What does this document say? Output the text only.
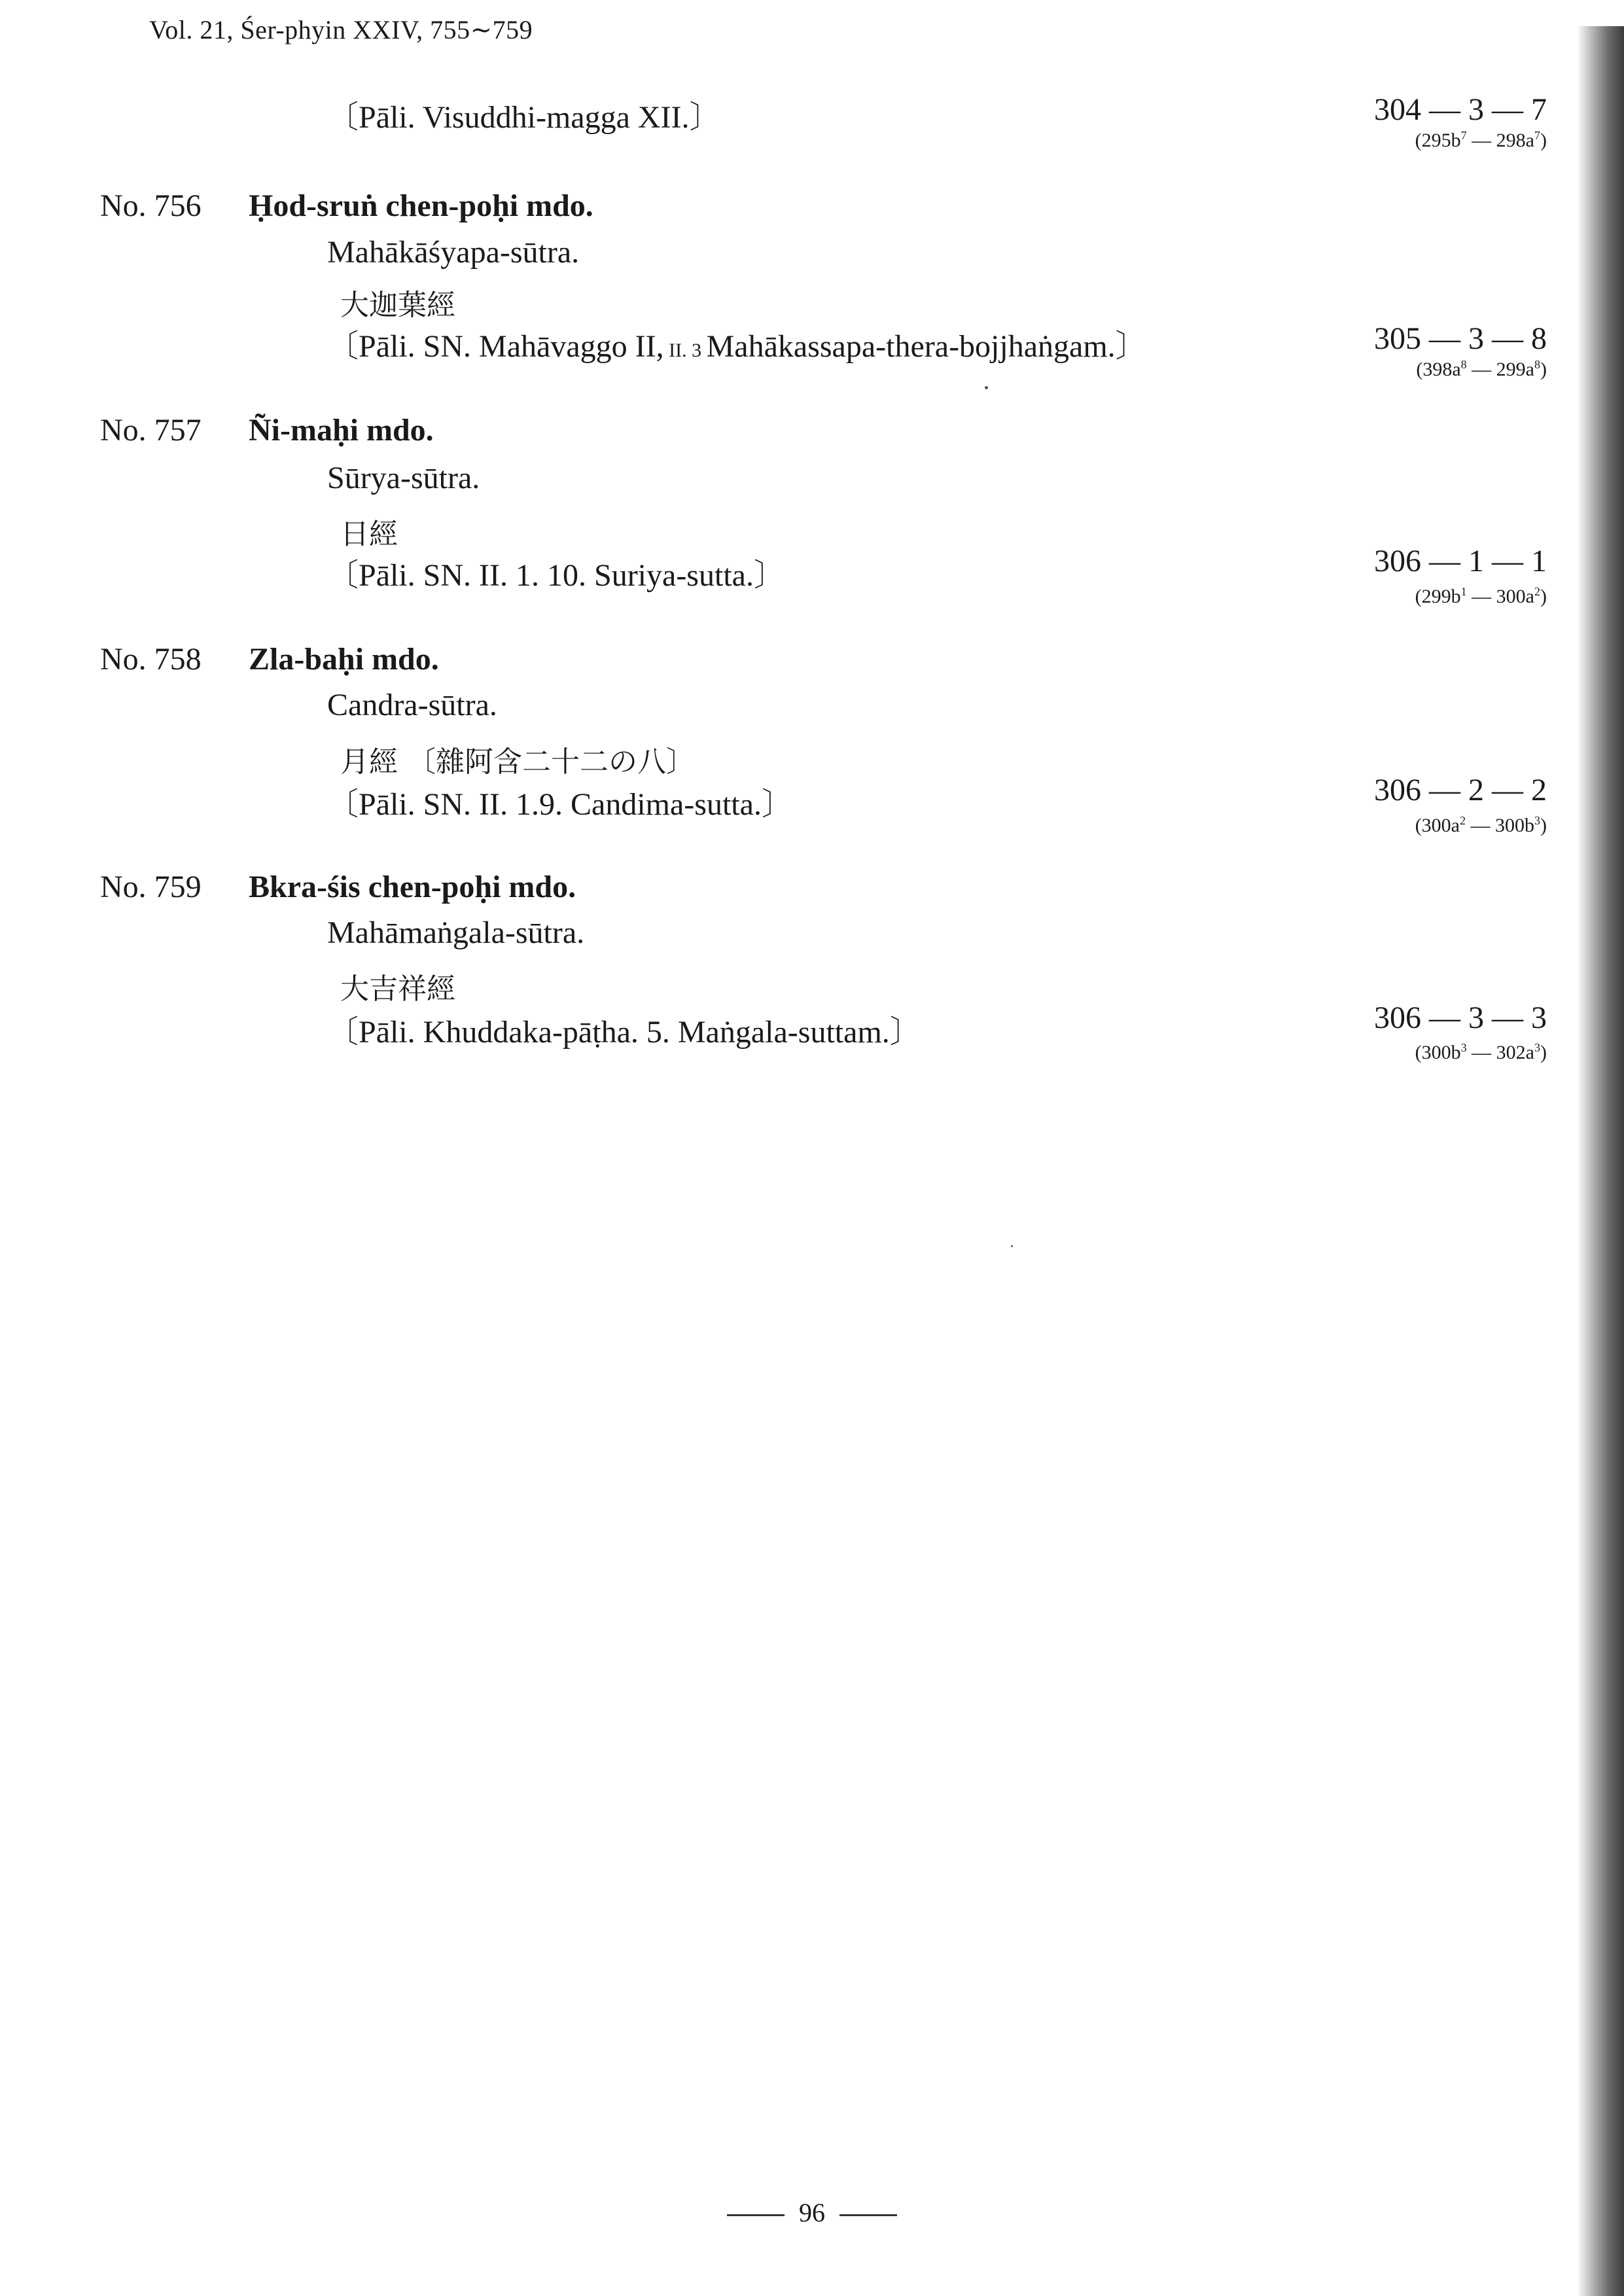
Vol. 21, Śer-phyin XXIV, 755∼759
〔Pāli. Visuddhi-magga XII.〕	304 — 3 — 7
($295b^7$ — $298a^7$)
No. 756 Ḥod-sruṅ chen-poḥi mdo.
Mahākāśyapa-sūtra.
大迦葉經
〔Pāli. SN. Mahāvaggo II, II. 3 Mahākassapa-thera-bojjhaṅgam.〕	305 — 3 — 8
($398a^8$ — $299a^8$)
No. 757 Ñi-maḥi mdo.
Sūrya-sūtra.
日經
〔Pāli. SN. II. 1. 10. Suriya-sutta.〕	306 — 1 — 1
($299b^1$ — $300a^2$)
No. 758 Zla-baḥi mdo.
Candra-sūtra.
月經 〔雜阿含二十二の八〕
〔Pāli. SN. II. 1.9. Candima-sutta.〕	306 — 2 — 2
($300a^2$ — $300b^3$)
No. 759 Bkra-śis chen-poḥi mdo.
Mahāmaṅgala-sūtra.
大吉祥經
〔Pāli. Khuddaka-pāṭha. 5. Maṅgala-suttam.〕	306 — 3 — 3
($300b^3$ — $302a^3$)
96
